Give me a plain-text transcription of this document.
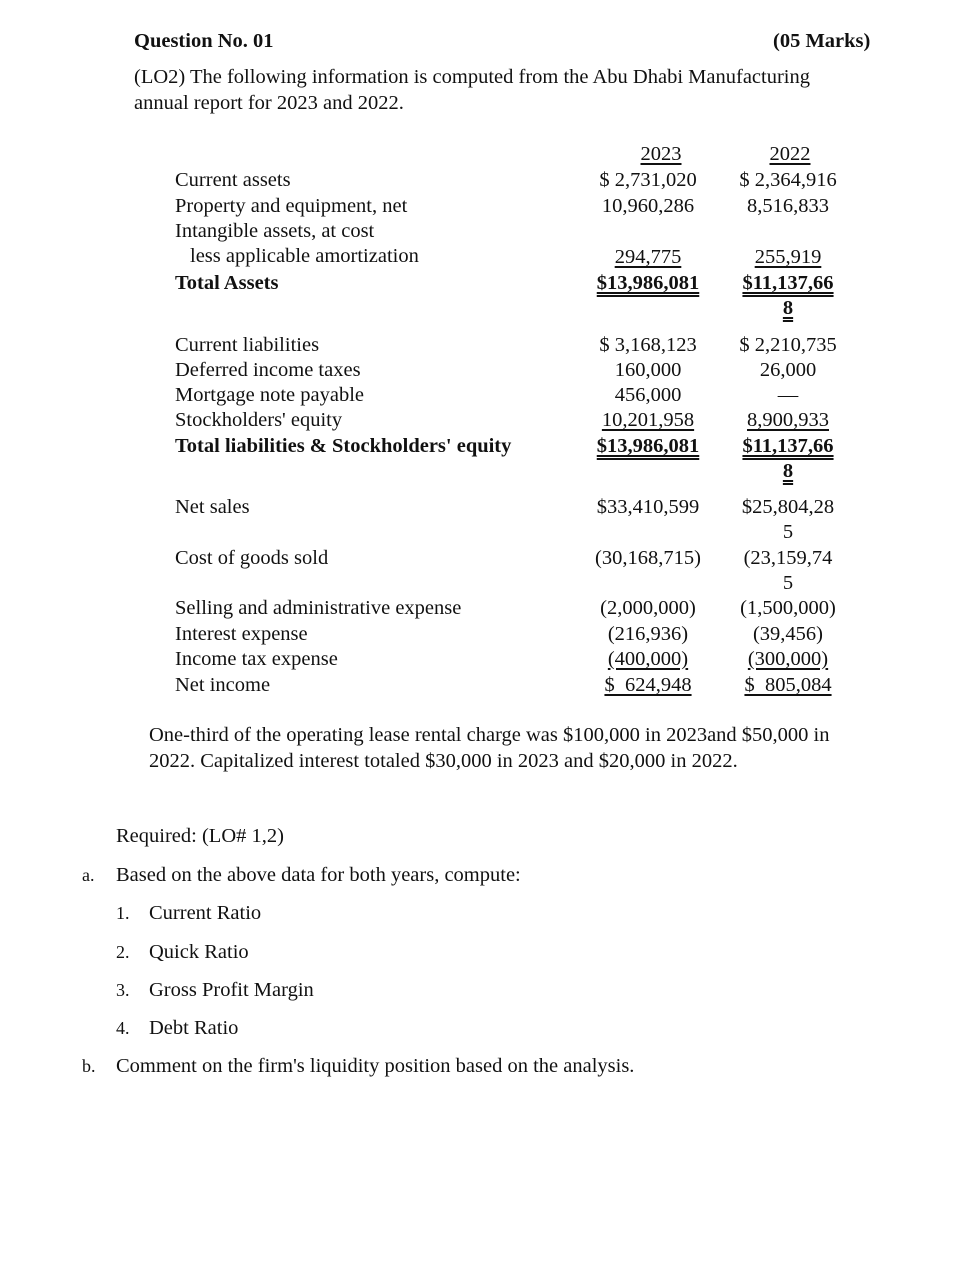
Question No. 01	(05 Marks)
(LO2) The following information is computed from the Abu Dhabi Manufacturing
annual report for 2023 and 2022.
2023	2022
Current assets	$ 2,731,020	$ 2,364,916
Property and equipment, net	10,960,286	8,516,833
Intangible assets, at cost
less applicable amortization	294,775	255,919
Total Assets	$13,986,081	$11,137,66
8
Current liabilities	$ 3,168,123	$ 2,210,735
Deferred income taxes	160,000	26,000
Mortgage note payable	456,000	—
Stockholders' equity	10,201,958	8,900,933
Total liabilities & Stockholders' equity	$13,986,081	$11,137,66
8
Net sales	$33,410,599	$25,804,28
5
Cost of goods sold	(30,168,715)	(23,159,74
5
Selling and administrative expense	(2,000,000)	(1,500,000)
Interest expense	(216,936)	(39,456)
Income tax expense	(400,000)	(300,000)
Net income	$  624,948	$  805,084
One-third of the operating lease rental charge was $100,000 in 2023and $50,000 in
2022. Capitalized interest totaled $30,000 in 2023 and $20,000 in 2022.
Required: (LO# 1,2)
a. Based on the above data for both years, compute:
1. Current Ratio
2. Quick Ratio
3. Gross Profit Margin
4. Debt Ratio
b. Comment on the firm's liquidity position based on the analysis.
